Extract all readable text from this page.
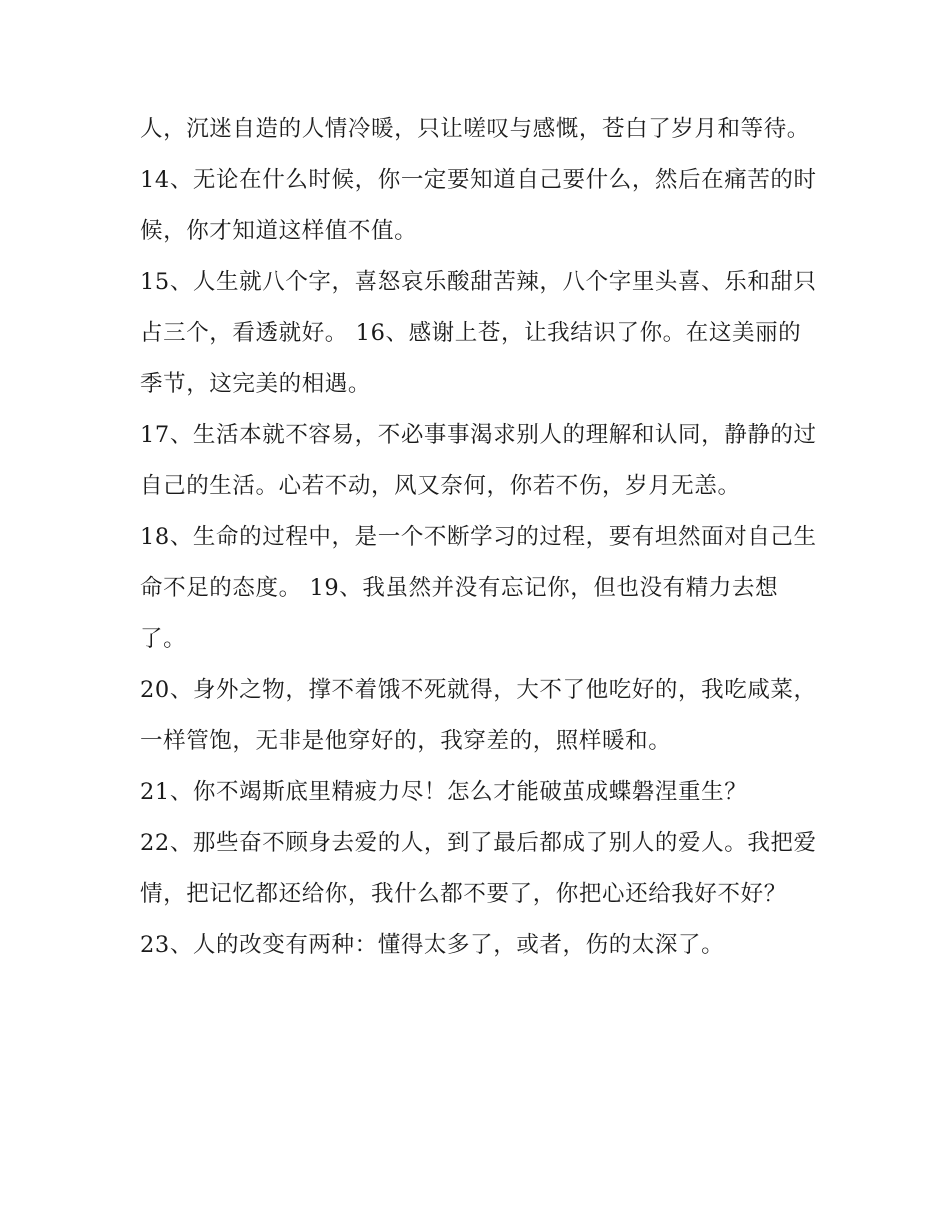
人，沉迷自造的人情冷暖，只让嗟叹与感慨，苍白了岁月和等待。

14、无论在什么时候，你一定要知道自己要什么，然后在痛苦的时候，你才知道这样值不值。

15、人生就八个字，喜怒哀乐酸甜苦辣，八个字里头喜、乐和甜只占三个，看透就好。 16、感谢上苍，让我结识了你。在这美丽的季节，这完美的相遇。

17、生活本就不容易，不必事事渴求别人的理解和认同，静静的过自己的生活。心若不动，风又奈何，你若不伤，岁月无恙。

18、生命的过程中，是一个不断学习的过程，要有坦然面对自己生命不足的态度。 19、我虽然并没有忘记你，但也没有精力去想了。

20、身外之物，撑不着饿不死就得，大不了他吃好的，我吃咸菜，一样管饱，无非是他穿好的，我穿差的，照样暖和。

21、你不竭斯底里精疲力尽！怎么才能破茧成蝶磐涅重生？

22、那些奋不顾身去爱的人，到了最后都成了别人的爱人。我把爱情，把记忆都还给你，我什么都不要了，你把心还给我好不好？

23、人的改变有两种：懂得太多了，或者，伤的太深了。
